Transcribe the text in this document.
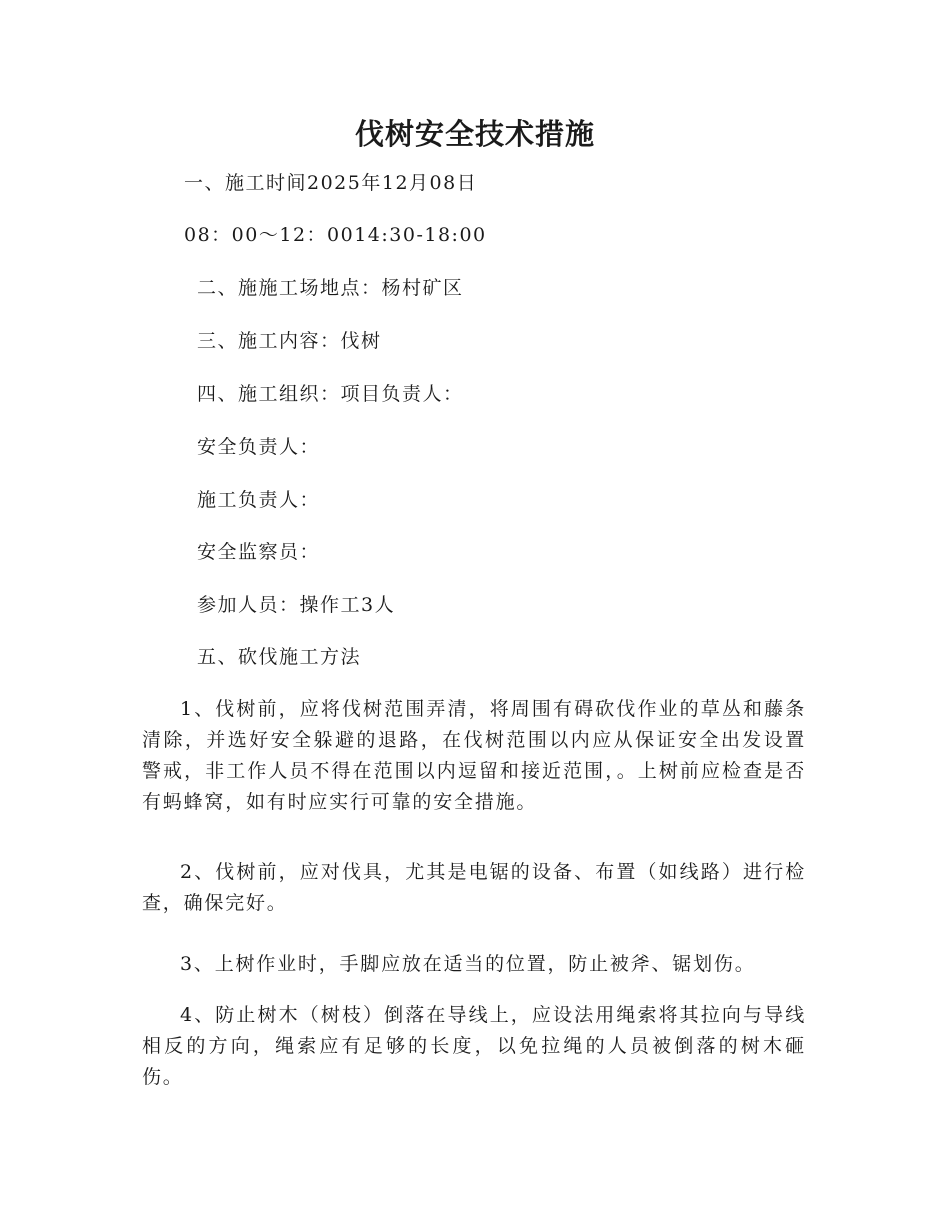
伐树安全技术措施
一、施工时间2025年12月08日
08：00～12：0014:30-18:00
二、施施工场地点：杨村矿区
三、施工内容：伐树
四、施工组织：项目负责人：
安全负责人：
施工负责人：
安全监察员：
参加人员：操作工3人
五、砍伐施工方法

1、伐树前，应将伐树范围弄清，将周围有碍砍伐作业的草丛和藤条清除，并选好安全躲避的退路，在伐树范围以内应从保证安全出发设置警戒，非工作人员不得在范围以内逗留和接近范围，。上树前应检查是否有蚂蜂窝，如有时应实行可靠的安全措施。

2、伐树前，应对伐具，尤其是电锯的设备、布置（如线路）进行检查，确保完好。

3、上树作业时，手脚应放在适当的位置，防止被斧、锯划伤。

4、防止树木（树枝）倒落在导线上，应设法用绳索将其拉向与导线相反的方向，绳索应有足够的长度，以免拉绳的人员被倒落的树木砸伤。
